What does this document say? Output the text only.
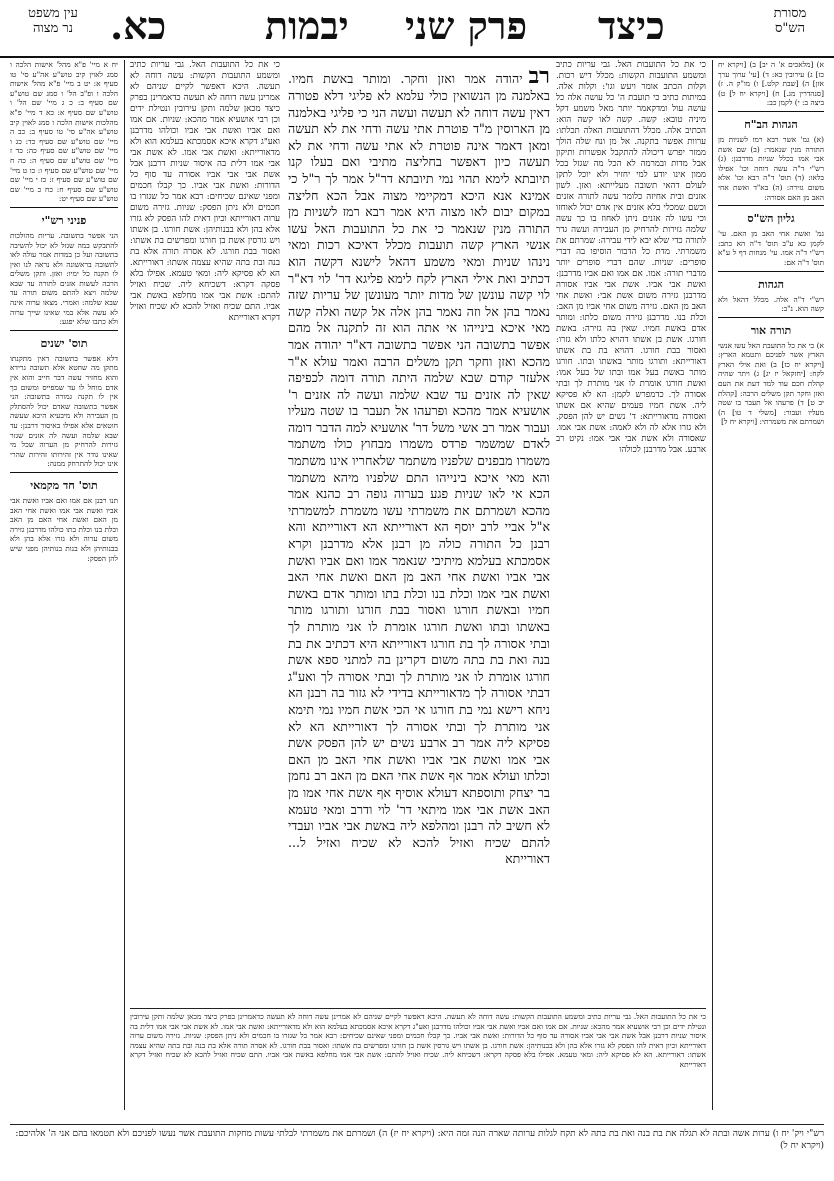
עין משפט
נר מצוה	כא.	יבמות פרק שני כיצד	מסורת
הש"ס

יח א מיי' פ"א מהל' אישות הלכה ו סמג לאוין קיב טוש"ע אה"ע סי' טו סעיף א: יט ב מיי' פ"א מהל' אישות הלכה ו ופ"ב הל' ו סמג שם טוש"ע שם סעיף ב: כ ג מיי' שם הל' ו טוש"ע שם סעיף א: כא ד מיי' פ"א מהלכות אישות הלכה ו סמג לאוין קיב טוש"ע אה"ע סי' טו סעיף ב: כב ה מיי' שם טוש"ע שם סעיף כד: כג ו מיי' שם טוש"ע שם סעיף כה: כד ז מיי' שם טוש"ע שם סעיף ה: כה ח מיי' שם טוש"ע שם סעיף ו: כו ט מיי' שם טוש"ע שם סעיף ז: כז י מיי' שם טוש"ע שם סעיף ח: כח כ מיי' שם טוש"ע שם סעיף יט:

פניני רש"י

הני אפשר בתשובה. עריות מהולכות להתבקש במה שגזל לא יכול להשיבה בתשובה ועל כן במדות אמר עולה לאו לתשובה בראשונה ולא נראה לנו ואין לו תקנה כל ימיו: ואזן. ותקן משלים הרבה לעשות אזנים לתורה עד שבא שלמה ויצא להתם משום תורה עד שבא שלמה: ואמרי. מצאו ערוה אינה לא עשה אלא במי שאינו שייך ערוה ולא כתבו שלא יפגע:

תוס' ישנים

דלא אפשר בתשובה דאין מתקנתו מתקן מה שחטא אלא תשובה גרידא והוא מחזיר עשה דבר חייב והוא אין אדם מוחל לו עד שמפייס ומשום כך אין לו תקנה גמורה בתשובה: הני אפשר בתשובה שאדם יכול להסתלק מן העבירה ולא מיבעיא היכא שעשה חוטאים אלא אפילו באיסור דרבנן: עד שבא שלמה ועשה לה אזנים שגזר גזירות להרחיק מן הערוה שכל מי שאינו גודר אין זהירותו זהירות שהרי אינו יכול להתרחק ממנה:

תוס' חד מקמאי

תנו רבנן אם אמו ואם אביו ואשת אבי אביו ואשת אבי אמו ואשת אחי האב מן האם ואשת אחי האם מן האב וכלת בנו וכלת בתו כולהו מדרבנן גזירה משום ערוה ולא גזרו אלא בהן ולא בבנותיהן ולא בנות בנותיהן מפני שיש להן הפסק:

כי את כל התועבות האל. גבי עריות כתיב ומשמע התועבות הקשות: עשה דוחה לא תעשה. היכא דאפשר לקיים שניהם לא אמרינן עשה דוחה לא תעשה כדאמרינן בפרק כיצד מכאן שלמה ותקן עירובין ונטילת ידים וכן רבי אושעיא אמר מהכא: שניות. אם אמו ואם אביו ואשת אבי אביו וכולהו מדרבנן ואע"ג דקרא איכא אסמכתא בעלמא הוא ולא מדאורייתא: ואשת אבי אמו. לא אשת אבי אבי אמו דלית בה איסור שניות דרבנן אבל אשת אבי אבי אביו אסורה עד סוף כל הדורות: ואשת אבי אביו. כך קבלו חכמים ומפני שאינם שכיחים: רבא אמר כל שגזרו בו חכמים ולא ניתן הפסק: שניות. גזירה משום ערוה דאורייתא וכיון דאית להו הפסק לא גזרו אלא בהן ולא בבנותיהן: אשת חורגו. בן אשתו ויש גורסין אשת בן חורגו ומפרשים בת אשתו: ואסור בבת חורגו. לא אסרה תורה אלא בת בנה ובת בתה שהיא עצמה אשתו: דאורייתא. הא לא פסיקא ליה: ומאי טעמא. אפילו בלא פסקה דקרא: דשכיחא ליה. שכיח ואזיל להתם: אשת אבי אמו מחלפא באשת אבי אביו. התם שכיח ואזיל להכא לא שכיח ואזיל דקרא דאורייתא

כי את כל התועבות האל. גבי עריות כתיב ומשמע התועבות הקשות: מכלל דיש רכות. וקלות הכתב אומר ויעש וגו': וקלות אלה. במיתות כתיב כי תועבת ה' כל עושה אלה כל עושה עול ומדקאמר יותר מאל משמע דקל מיניה טובא: קשה. קשה לאו קשה הוא: הכתיב אלה. מכלל דהתועבות האלה תכלתו: ערוות אפשר בתקנה. אל מן ונח שלה הולך ממזר יפרש דיכולה להתקבל אפשרות ותיקון אבל מדות ובמרמה לא הכל מה שגזל בכל ממון אינו יודע למי יחזיר ולא יוכל לתקן לעולם דהאי תשובה מעלייתא: ואזן. לשון אזנים ובית אחיזה כלומר עשה לתורה אזנים וכשם שמכלי בלא אזנים אין אדם יכול לאוחזו וכי עשו לה אזנים ניתן לאחוז בו כך עשה שלמה גזירות להרחיק מן העבירה ועשה גדר לתורה כדי שלא יבא לידי עבירה: שמרתם את משמרתי. מדת כל הדבור הוסיפו בה דברי סופרים: שניות. שהם דברי סופרים יותר מדברי תורה: אמו. אם אמו ואם אביו מדרבנן: ואשת אבי אביו. אשת אבי אביו אסורה מדרבנן גזירה משום אשת אבי: ואשת אחי האב מן האם. גזירה משום אחי אביו מן האב: וכלת בנו. מדרבנן גזירה משום כלתו: ומותר אדם באשת חמיו. שאין בה גזירה: באשת חורגו. אשת בן אשתו דהויא כלתו ולא גזרו: ואסור בבת חורגו. דהויא בת בת אשתו דאורייתא: ותורגו מותר באשתו ובתו. חורגו מותר באשת בעל אמו ובתו של בעל אמו: ואשת חורגו אומרת לו אני מותרת לך ובתי אסורה לך. כדמפרש לקמן: הא לא פסיקא ליה. אשת חמיו פעמים שהיא אם אשתו ואסורה מדאורייתא: ד' נשים יש להן הפסק. ולא גזרו אלא לה ולא לאמה: אשת אבי אמו. שאסורה ולא אשת אבי אבי אמו: נקיט רב ארבע. אבל מדרבנן לכולהו

רביהודה אמר ואזן וחקר. ומותר באשת חמיו. באלמנה מן הנשואין כולי עלמא לא פליגי דלא פטורה דאין עשה דוחה לא תעשה ועשה הני כי פליגי באלמנה מן הארוסין מ"ד פוטרת אתי עשה ודחי את לא תעשה ומאן דאמר אינה פוטרת לא אתי עשה ודחי את לא תעשה כיון דאפשר בחליצה מתיבי ואם בעלו קנו תיובתא לימא תהוי נמי תיובתא דר"ל אמר לך ר"ל כי אמינא אנא היכא דמקיימי מצוה אבל הכא חליצה במקום יבום לאו מצוה היא אמר רבא רמז לשניות מן התורה מנין שנאמר כי את כל התועבות האל עשו אנשי הארץ קשה תועבות מכלל דאיכא רכות ומאי נינהו שניות ומאי משמע דהאל לישנא דקשה הוא דכתיב ואת אילי הארץ לקח לימא פליגא דר' לוי דא"ר לוי קשה עונשן של מדות יותר מעונשן של עריות שזה נאמר בהן אל וזה נאמר בהן אלה אל קשה ואלה קשה מאי איכא בינייהו אי אתה הוא זה לתקנה אל מהם אפשר בתשובה הני אפשר בתשובה דא"ר יהודה אמר מהכא ואזן וחקר תקן משלים הרבה ואמר עולא א"ר אלעזר קודם שבא שלמה היתה תורה דומה לכפיפה שאין לה אזנים עד שבא שלמה ועשה לה אזנים ר' אושעיא אמר מהכא ופרעהו אל תעבר בו שטה מעליו ועבור אמר רב אשי משל דר' אושעיא למה הדבר דומה לאדם שמשמר פרדס משמרו מבחוץ כולו משתמר משמרו מבפנים שלפניו משתמר שלאחריו אינו משתמר והא מאי איכא בינייהו התם שלפניו מיהא משתמר הכא אי לאו שניות פגע בערוה גופה רב כהנא אמר מהכא ושמרתם את משמרתי עשו משמרת למשמרתי א"ל אביי לרב יוסף הא דאורייתא הא דאורייתא והא רבנן כל התורה כולה מן רבנן אלא מדרבנן וקרא אסמכתא בעלמא מיתיבי שנאמר אמו ואם אביו ואשת אבי אביו ואשת אחי האב מן האם ואשת אחי האב ואשת אבי אמו וכלת בנו וכלת בתו ומותר אדם באשת חמיו ובאשת חורגו ואסור בבת חורגו ותורגו מותר באשתו ובתו ואשת חורגו אומרת לו אני מותרת לך ובתי אסורה לך בת חורגו דאורייתא היא דכתיב את בת בנה ואת בת בתה משום דקרינן בה למתני ספא אשת חורגו אומרת לו אני מותרת לך ובתי אסורה לך ואע"ג דבתי אסורה לך מדאורייתא בדידי לא גזור בה רבנן הא ניחא רישא נמי בת חורגו אי הכי אשת חמיו נמי תימא אני מותרת לך ובתי אסורה לך דאורייתא הא לא פסיקא ליה אמר רב ארבע נשים יש להן הפסק אשת אבי אמו ואשת אבי אביו ואשת אחי האב מן האם וכלתו ועולא אמר אף אשת אחי האם מן האב רב נחמן בר יצחק ותוספתא דעולא אוסיף אף אשת אחי אמו מן האב אשת אבי אמו מיתאי דר' לוי ודרב ומאי טעמא לא חשיב לה רבנן ומהלפא ליה באשת אבי אביו ועבדי להתם שכיח ואזיל להכא לא שכיח ואזיל ל... דאורייתא

כי את כל התועבות האל. גבי עריות כתיב ומשמע התועבות הקשות: עשה דוחה לא תעשה. היכא דאפשר לקיים שניהם לא אמרינן עשה דוחה לא תעשה כדאמרינן בפרק כיצד מכאן שלמה ותקן עירובין ונטילת ידים וכן רבי אושעיא אמר מהכא: שניות. אם אמו ואם אביו ואשת אבי אביו וכולהו מדרבנן ואע"ג דקרא איכא אסמכתא בעלמא הוא ולא מדאורייתא: ואשת אבי אמו. לא אשת אבי אבי אמו דלית בה איסור שניות דרבנן אבל אשת אבי אבי אביו אסורה עד סוף כל הדורות: ואשת אבי אביו. כך קבלו חכמים ומפני שאינם שכיחים: רבא אמר כל שגזרו בו חכמים ולא ניתן הפסק: שניות. גזירה משום ערוה דאורייתא וכיון דאית להו הפסק לא גזרו אלא בהן ולא בבנותיהן: אשת חורגו. בן אשתו ויש גורסין אשת בן חורגו ומפרשים בת אשתו: ואסור בבת חורגו. לא אסרה תורה אלא בת בנה ובת בתה שהיא עצמה אשתו: דאורייתא. הא לא פסיקא ליה: ומאי טעמא. אפילו בלא פסקה דקרא: דשכיחא ליה. שכיח ואזיל להתם: אשת אבי אמו מחלפא באשת אבי אביו. התם שכיח ואזיל להכא לא שכיח ואזיל דקרא דאורייתא

א) [מלאכים א' ה יב] ב) [ויקרא יח כז] ג) עירובין כא: ד) [עי' ערוך ערך אזן] ה) [שבת קלט.] ו) מו"ק ה. ז) [סנהדרין מג.] ח) [ויקרא יח ל] ט) ביצה ב: י) לקמן כב:

הגהות הב"ח

(א) גמ' אשר רבא רמז לשניות מן התורה מנין שנאמר: (ב) שם אשת אבי אמו בכלל שניות מדרבנן: (ג) רש"י ד"ה עשה דוחה וכו' אפילו בלאו: (ד) תוס' ד"ה רבא וכו' אלא משום גזירה: (ה) בא"ד ואשת אחי האב מן האם אסורה:

גליון הש"ס

גמ' ואשת אחי האב מן האם. עי' לקמן כא ע"ב תוס' ד"ה הא כתב: רש"י ד"ה אמו. עי' מנחות דף ל ע"א תוס' ד"ה אם:

הגהות

רש"י ד"ה אלה. מכלל דהאל ולא קשה הוא. נ"ב:

תורה אור

א) כי את כל התועבת האל עשו אנשי הארץ אשר לפניכם ותטמא הארץ: [ויקרא יח כז] ב) ואת אילי הארץ לקח: [יחזקאל יז יג] ג) ויתר שהיה קהלת חכם עוד למד דעת את העם ואזן וחקר תקן משלים הרבה: [קהלת יב ט] ד) פרעהו אל תעבר בו שטה מעליו ועבור: [משלי ד טו] ה) ושמרתם את משמרתי: [ויקרא יח ל]

רש"י ויק' יח ו) ערות אשה ובתה לא תגלה את בת בנה ואת בת בתה לא תקח לגלות ערותה שארה הנה זמה היא: (ויקרא יח יז) ה) ושמרתם את משמרתי לבלתי עשות מחקות התועבת אשר נעשו לפניכם ולא תטמאו בהם אני ה' אלהיכם: (ויקרא יח ל)
